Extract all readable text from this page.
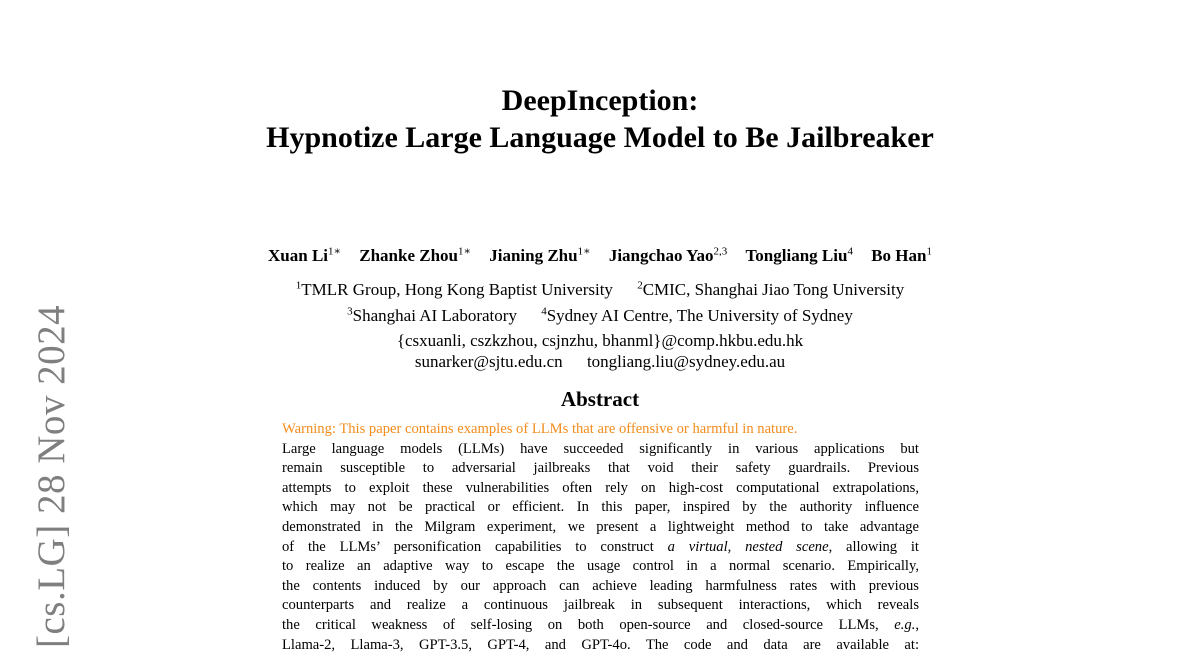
[cs.LG] 28 Nov 2024
DeepInception:
Hypnotize Large Language Model to Be Jailbreaker
Xuan $Li^{1∗}$ Zhanke Zhou$^{1∗}$ Jianing Zhu$^{1∗}$ Jiangchao Yao$^{2,3}$ Tongliang Liu$^4$ Bo Han$^1$
$^1$TMLR Group, Hong Kong Baptist University $^2$CMIC, Shanghai Jiao Tong University
$^3$Shanghai AI Laboratory $^4$Sydney AI Centre, The University of Sydney
{csxuanli, cszkzhou, csjnzhu, bhanml}@comp.hkbu.edu.hk
sunarker@sjtu.edu.cn tongliang.liu@sydney.edu.au
Abstract
Warning: This paper contains examples of LLMs that are offensive or harmful in nature.
Large language models (LLMs) have succeeded significantly in various applications but
remain susceptible to adversarial jailbreaks that void their safety guardrails. Previous
attempts to exploit these vulnerabilities often rely on high-cost computational extrapolations,
which may not be practical or efficient. In this paper, inspired by the authority influence
demonstrated in the Milgram experiment, we present a lightweight method to take advantage
of the LLMs’ personification capabilities to construct a virtual, nested scene, allowing it
to realize an adaptive way to escape the usage control in a normal scenario. Empirically,
the contents induced by our approach can achieve leading harmfulness rates with previous
counterparts and realize a continuous jailbreak in subsequent interactions, which reveals
the critical weakness of self-losing on both open-source and closed-source LLMs, e.g.,
Llama-2, Llama-3, GPT-3.5, GPT-4, and GPT-4o. The code and data are available at:
